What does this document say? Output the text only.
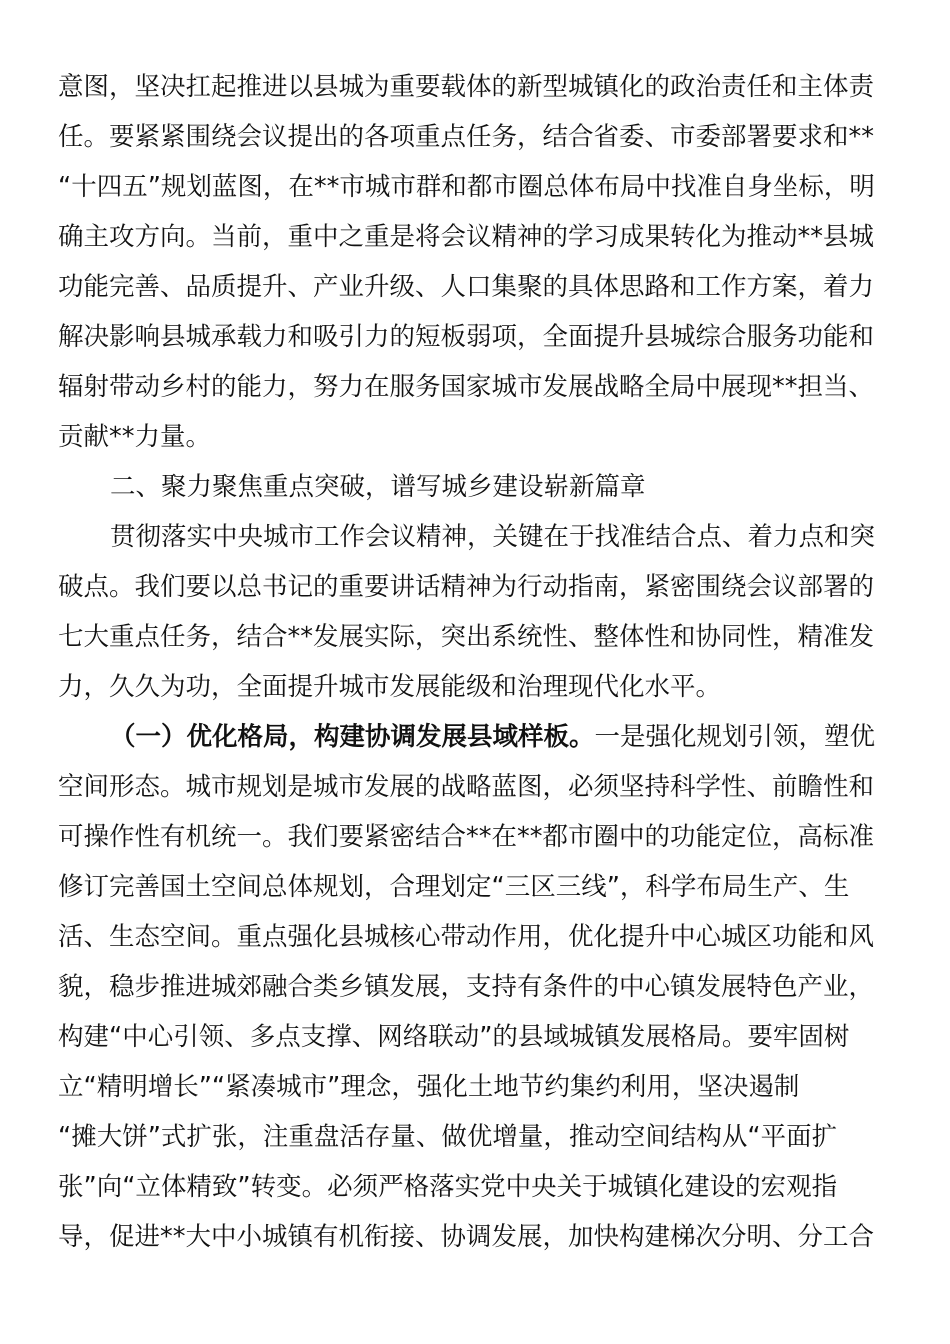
意图，坚决扛起推进以县城为重要载体的新型城镇化的政治责任和主体责
任。要紧紧围绕会议提出的各项重点任务，结合省委、市委部署要求和**
“十四五”规划蓝图，在**市城市群和都市圈总体布局中找准自身坐标，明
确主攻方向。当前，重中之重是将会议精神的学习成果转化为推动**县城
功能完善、品质提升、产业升级、人口集聚的具体思路和工作方案，着力
解决影响县城承载力和吸引力的短板弱项，全面提升县城综合服务功能和
辐射带动乡村的能力，努力在服务国家城市发展战略全局中展现**担当、
贡献**力量。
二、聚力聚焦重点突破，谱写城乡建设崭新篇章
贯彻落实中央城市工作会议精神，关键在于找准结合点、着力点和突
破点。我们要以总书记的重要讲话精神为行动指南，紧密围绕会议部署的
七大重点任务，结合**发展实际，突出系统性、整体性和协同性，精准发
力，久久为功，全面提升城市发展能级和治理现代化水平。
（一）优化格局，构建协调发展县域样板。一是强化规划引领，塑优
空间形态。城市规划是城市发展的战略蓝图，必须坚持科学性、前瞻性和
可操作性有机统一。我们要紧密结合**在**都市圈中的功能定位，高标准
修订完善国土空间总体规划，合理划定“三区三线”，科学布局生产、生
活、生态空间。重点强化县城核心带动作用，优化提升中心城区功能和风
貌，稳步推进城郊融合类乡镇发展，支持有条件的中心镇发展特色产业，
构建“中心引领、多点支撑、网络联动”的县域城镇发展格局。要牢固树
立“精明增长”“紧凑城市”理念，强化土地节约集约利用，坚决遏制
“摊大饼”式扩张，注重盘活存量、做优增量，推动空间结构从“平面扩
张”向“立体精致”转变。必须严格落实党中央关于城镇化建设的宏观指
导，促进**大中小城镇有机衔接、协调发展，加快构建梯次分明、分工合
